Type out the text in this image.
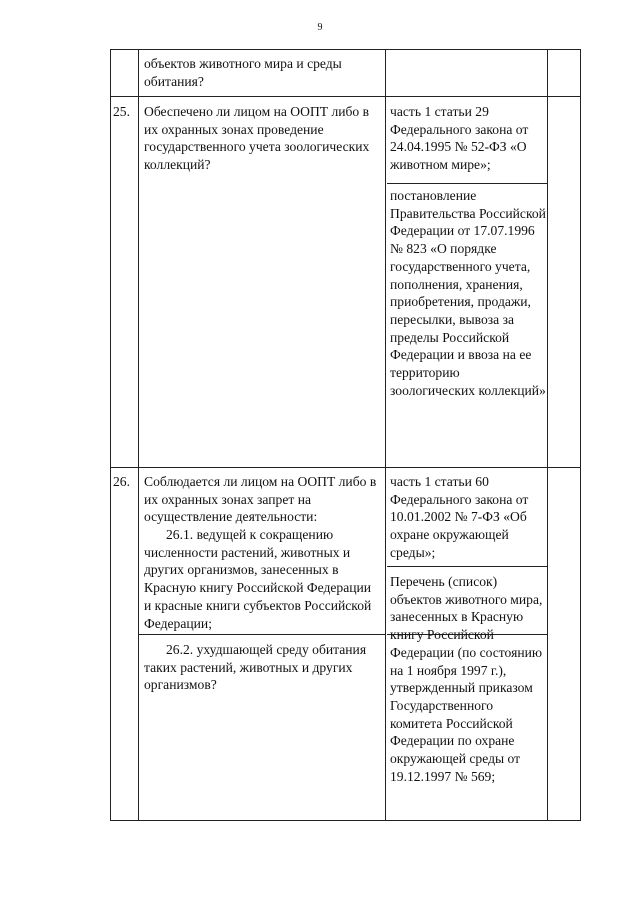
9
объектов животного мира и среды обитания?
25. Обеспечено ли лицом на ООПТ либо в их охранных зонах проведение государственного учета зоологических коллекций?
часть 1 статьи 29 Федерального закона от 24.04.1995 № 52-ФЗ «О животном мире»;
постановление Правительства Российской Федерации от 17.07.1996 № 823 «О порядке государственного учета, пополнения, хранения, приобретения, продажи, пересылки, вывоза за пределы Российской Федерации и ввоза на ее территорию зоологических коллекций»
26. Соблюдается ли лицом на ООПТ либо в их охранных зонах запрет на осуществление деятельности:
26.1. ведущей к сокращению численности растений, животных и других организмов, занесенных в Красную книгу Российской Федерации и красные книги субъектов Российской Федерации;
26.2. ухудшающей среду обитания таких растений, животных и других организмов?
часть 1 статьи 60 Федерального закона от 10.01.2002 № 7-ФЗ «Об охране окружающей среды»;
Перечень (список) объектов животного мира, занесенных в Красную книгу Российской Федерации (по состоянию на 1 ноября 1997 г.), утвержденный приказом Государственного комитета Российской Федерации по охране окружающей среды от 19.12.1997 № 569;
